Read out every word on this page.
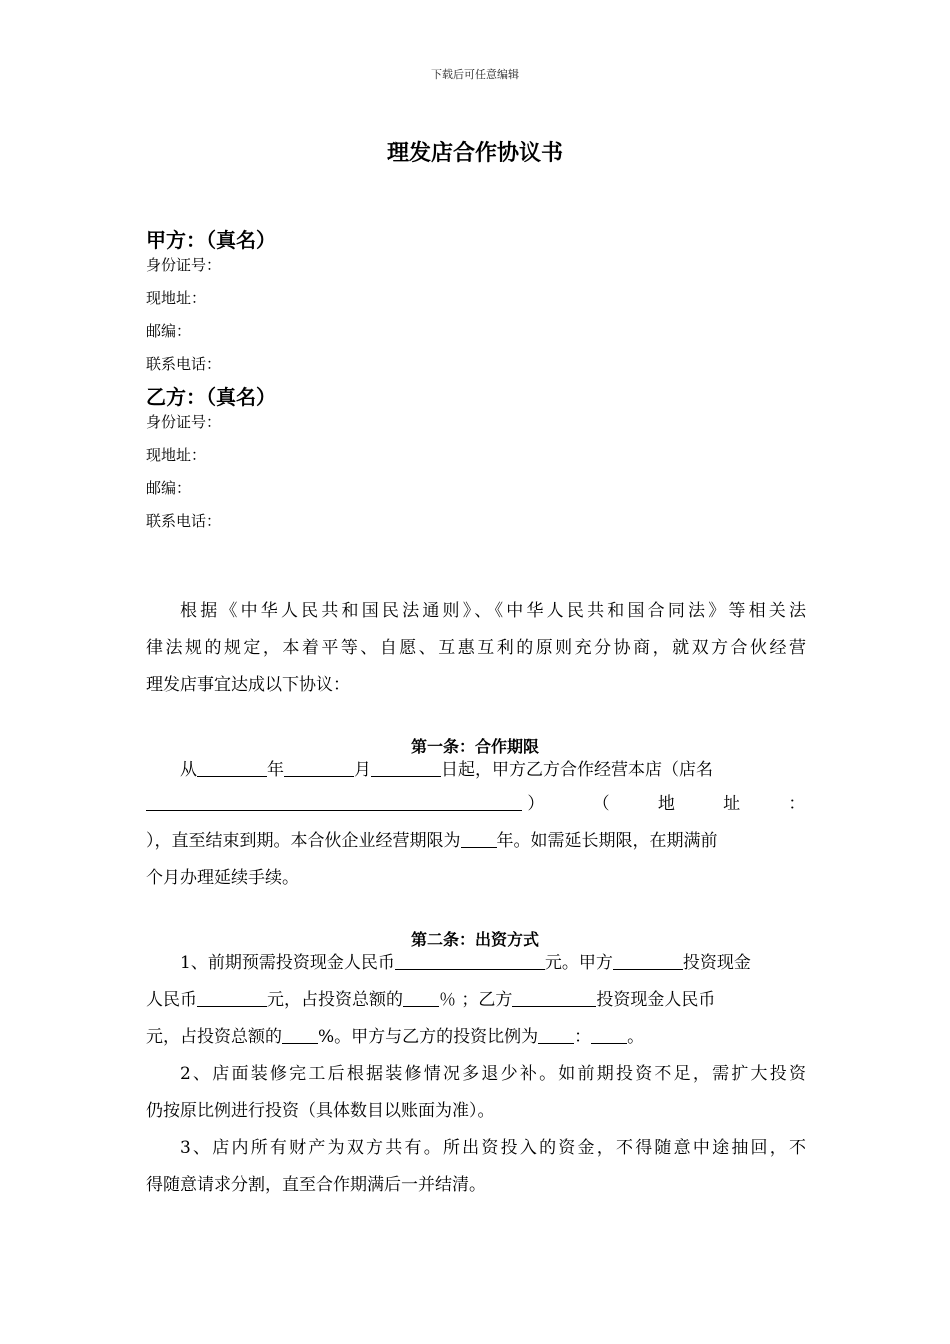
下载后可任意编辑
理发店合作协议书
甲方：（真名）
身份证号：
现地址：
邮编：
联系电话：
乙方：（真名）
身份证号：
现地址：
邮编：
联系电话：
根据《中华人民共和国民法通则》、《中华人民共和国合同法》等相关法
律法规的规定，本着平等、自愿、互惠互利的原则充分协商，就双方合伙经营
理发店事宜达成以下协议：
第一条：合作期限
从	年	月	日起，甲方乙方合作经营本店（店名
） （ 地 址 ：
），直至结束到期。本合伙企业经营期限为 年。如需延长期限，在期满前
个月办理延续手续。
第二条：出资方式
1、前期预需投资现金人民币	元。甲方	投资现金
人民币	元，占投资总额的 ％ ；乙方	投资现金人民币
元，占投资总额的 %。甲方与乙方的投资比例为 ： 。
2、店面装修完工后根据装修情况多退少补。如前期投资不足，需扩大投资
仍按原比例进行投资（具体数目以账面为准）。
3、店内所有财产为双方共有。所出资投入的资金，不得随意中途抽回，不
得随意请求分割，直至合作期满后一并结清。
